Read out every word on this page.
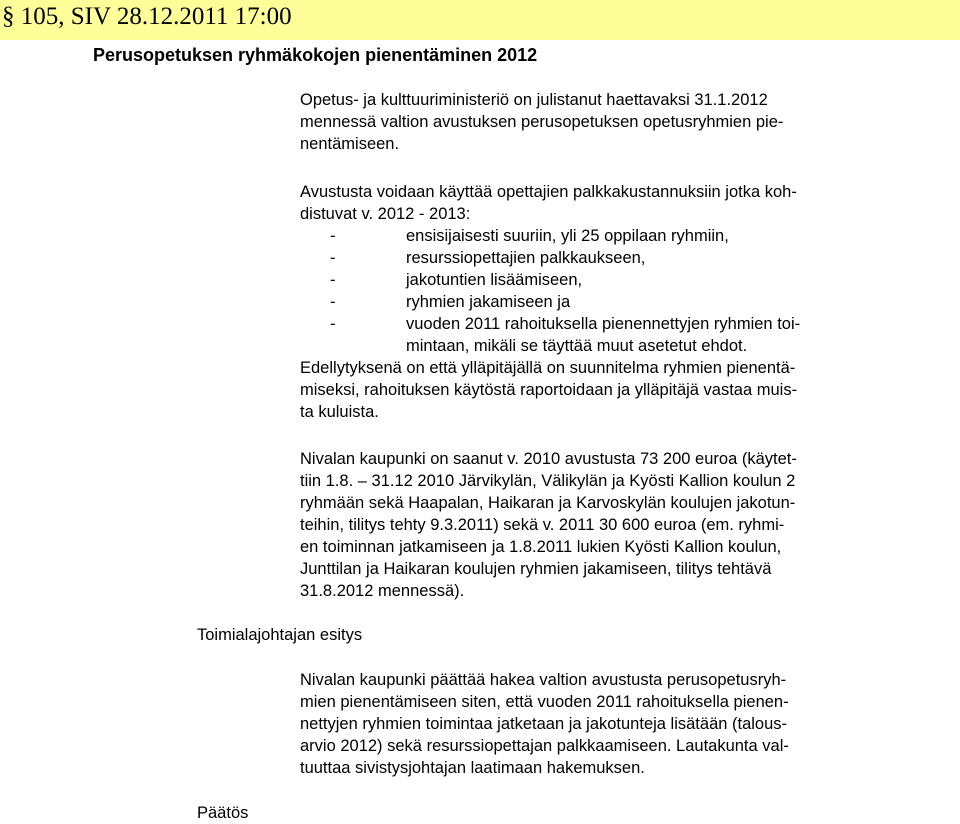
§ 105, SIV 28.12.2011 17:00
Perusopetuksen ryhmäkokojen pienentäminen 2012
Opetus- ja kulttuuriministeriö on julistanut haettavaksi 31.1.2012
mennessä valtion avustuksen perusopetuksen opetusryhmien pie-
nentämiseen.
Avustusta voidaan käyttää opettajien palkkakustannuksiin jotka koh-
distuvat v. 2012 - 2013:
-	ensisijaisesti suuriin, yli 25 oppilaan ryhmiin,
-	resurssiopettajien palkkaukseen,
-	jakotuntien lisäämiseen,
-	ryhmien jakamiseen ja
-	vuoden 2011 rahoituksella pienennettyjen ryhmien toi-
mintaan, mikäli se täyttää muut asetetut ehdot.
Edellytyksenä on että ylläpitäjällä on suunnitelma ryhmien pienentä-
miseksi, rahoituksen käytöstä raportoidaan ja ylläpitäjä vastaa muis-
ta kuluista.
Nivalan kaupunki on saanut v. 2010 avustusta 73 200 euroa (käytet-
tiin 1.8. – 31.12 2010 Järvikylän, Välikylän ja Kyösti Kallion koulun 2
ryhmään sekä Haapalan, Haikaran ja Karvoskylän koulujen jakotun-
teihin, tilitys tehty 9.3.2011) sekä v. 2011 30 600 euroa (em. ryhmi-
en toiminnan jatkamiseen ja 1.8.2011 lukien Kyösti Kallion koulun,
Junttilan ja Haikaran koulujen ryhmien jakamiseen, tilitys tehtävä
31.8.2012 mennessä).
Toimialajohtajan esitys
Nivalan kaupunki päättää hakea valtion avustusta perusopetusryh-
mien pienentämiseen siten, että vuoden 2011 rahoituksella pienen-
nettyjen ryhmien toimintaa jatketaan ja jakotunteja lisätään (talous-
arvio 2012) sekä resurssiopettajan palkkaamiseen. Lautakunta val-
tuuttaa sivistysjohtajan laatimaan hakemuksen.
Päätös
